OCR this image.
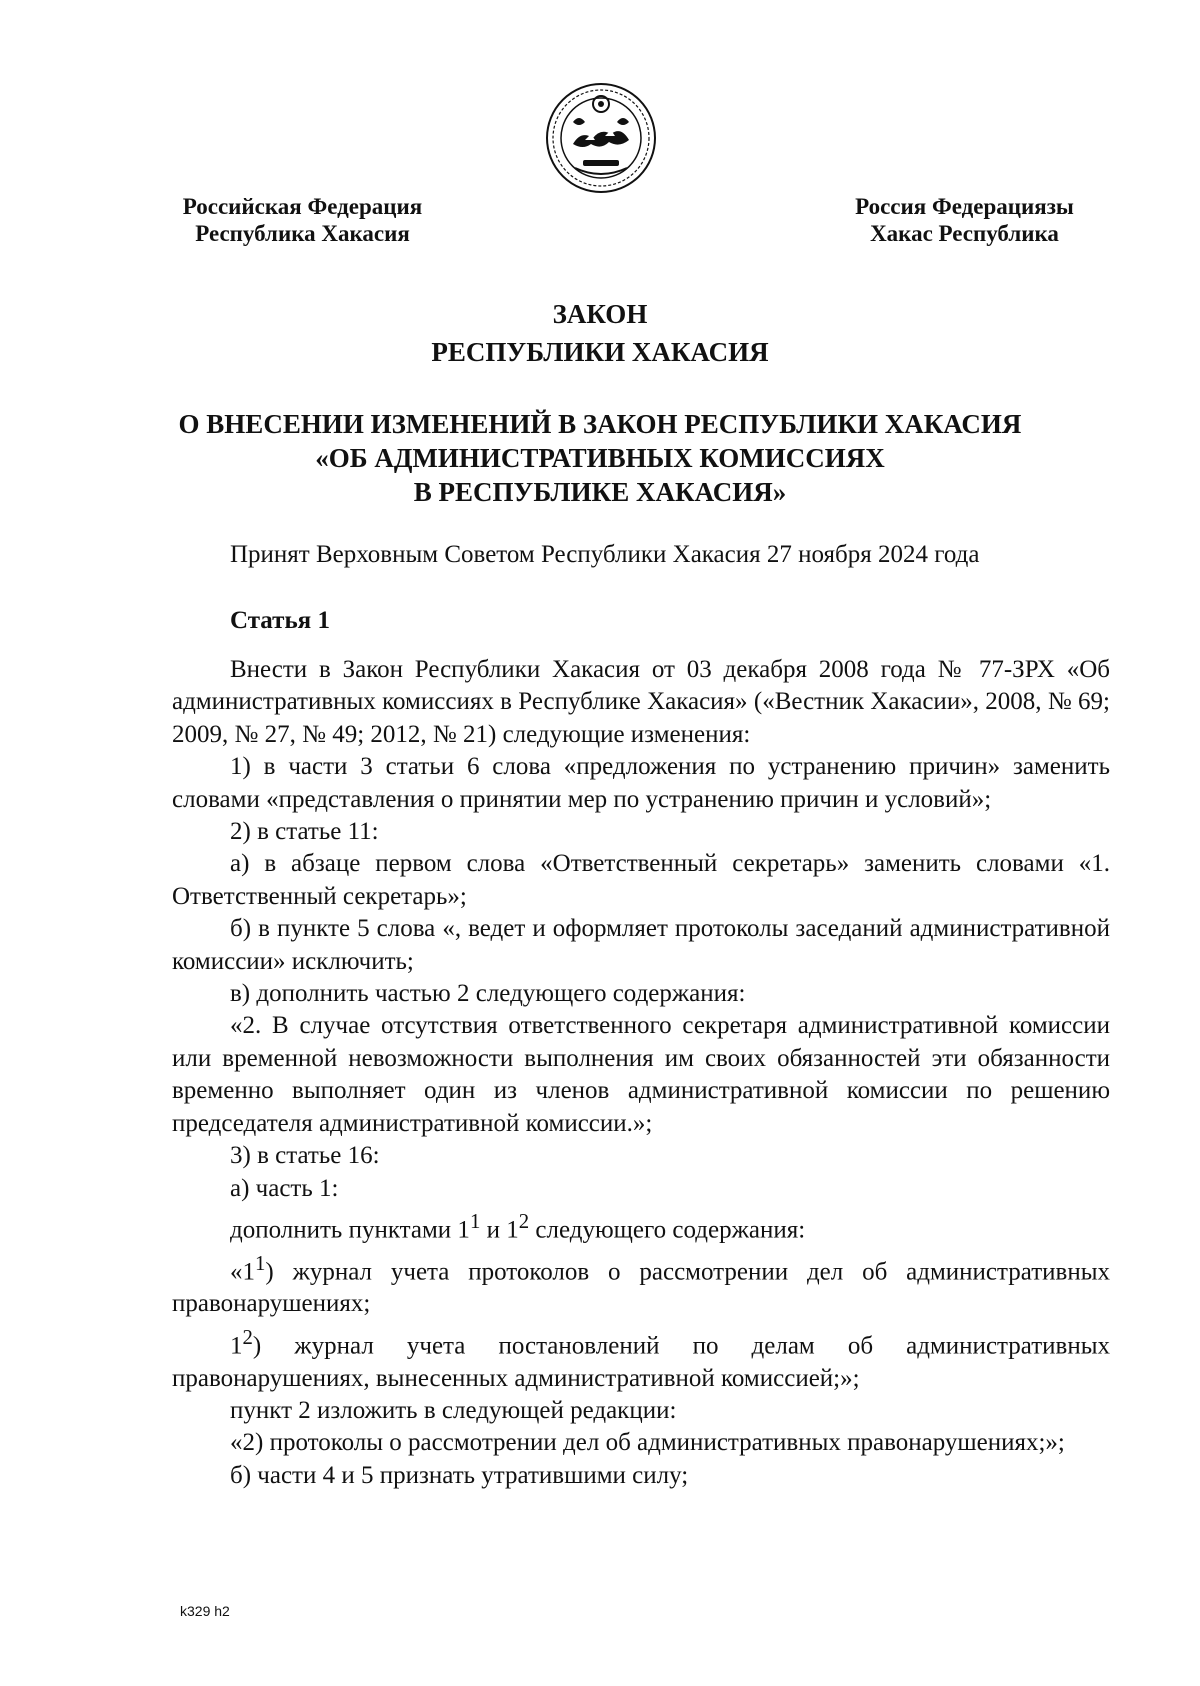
Российская Федерация
Республика Хакасия
Россия Федерациязы
Хакас Республика
ЗАКОН
РЕСПУБЛИКИ ХАКАСИЯ
О ВНЕСЕНИИ ИЗМЕНЕНИЙ В ЗАКОН РЕСПУБЛИКИ ХАКАСИЯ
«ОБ АДМИНИСТРАТИВНЫХ КОМИССИЯХ
В РЕСПУБЛИКЕ ХАКАСИЯ»
Принят Верховным Советом Республики Хакасия 27 ноября 2024 года
Статья 1

Внести в Закон Республики Хакасия от 03 декабря 2008 года № 77-ЗРХ «Об административных комиссиях в Республике Хакасия» («Вестник Хакасии», 2008, № 69; 2009, № 27, № 49; 2012, № 21) следующие изменения:

1) в части 3 статьи 6 слова «предложения по устранению причин» заменить словами «представления о принятии мер по устранению причин и условий»;

2) в статье 11:

а) в абзаце первом слова «Ответственный секретарь» заменить словами «1. Ответственный секретарь»;

б) в пункте 5 слова «, ведет и оформляет протоколы заседаний административной комиссии» исключить;

в) дополнить частью 2 следующего содержания:

«2. В случае отсутствия ответственного секретаря административной комиссии или временной невозможности выполнения им своих обязанностей эти обязанности временно выполняет один из членов административной комиссии по решению председателя административной комиссии.»;

3) в статье 16:

а) часть 1:

дополнить пунктами $1^1$ и $1^2$ следующего содержания:

«$1^1$) журнал учета протоколов о рассмотрении дел об административных правонарушениях;

$1^2$) журнал учета постановлений по делам об административных правонарушениях, вынесенных административной комиссией;»;

пункт 2 изложить в следующей редакции:

«2) протоколы о рассмотрении дел об административных правонарушениях;»;

б) части 4 и 5 признать утратившими силу;

k329 h2
